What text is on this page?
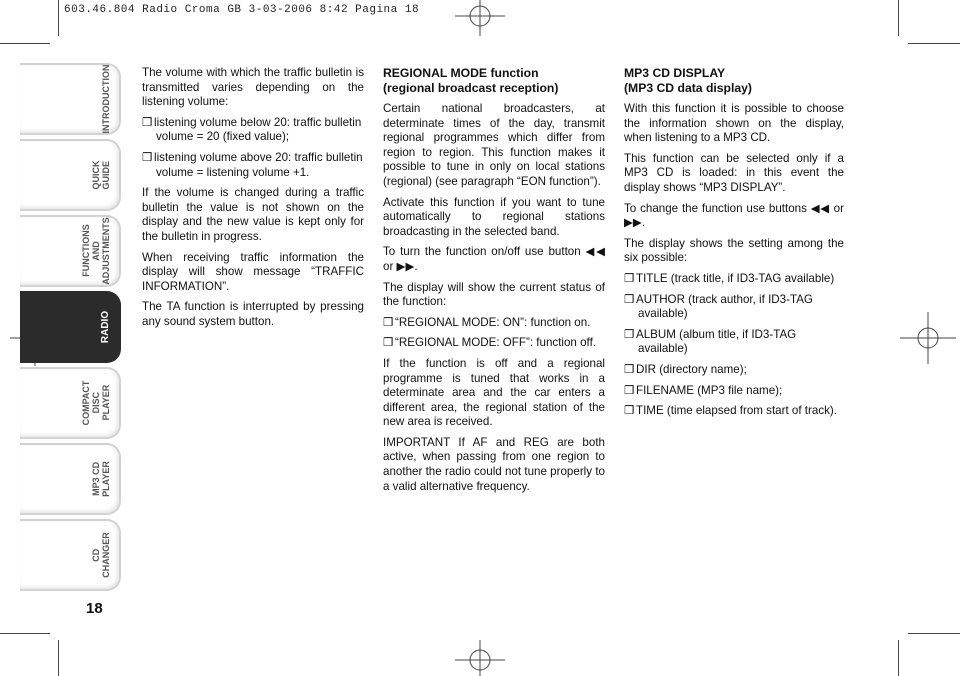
603.46.804 Radio Croma GB 3-03-2006 8:42 Pagina 18
INTRODUCTION
QUICK
GUIDE
FUNCTIONS AND
ADJUSTMENTS
RADIO
COMPACT
DISC PLAYER
MP3 CD
PLAYER
CD
CHANGER
18

The volume with which the traffic bulletin is transmitted varies depending on the listening volume:

❒ listening volume below 20: traffic bulletin volume = 20 (fixed value);

❒ listening volume above 20: traffic bulletin volume = listening volume +1.

If the volume is changed during a traffic bulletin the value is not shown on the display and the new value is kept only for the bulletin in progress.

When receiving traffic information the display will show message “TRAFFIC INFORMATION”.

The TA function is interrupted by pressing any sound system button.

REGIONAL MODE function
(regional broadcast reception)

Certain national broadcasters, at determinate times of the day, transmit regional programmes which differ from region to region. This function makes it possible to tune in only on local stations (regional) (see paragraph “EON function”).

Activate this function if you want to tune automatically to regional stations broadcasting in the selected band.

To turn the function on/off use button ◀◀ or ▶▶.

The display will show the current status of the function:

❒ “REGIONAL MODE: ON”: function on.

❒ “REGIONAL MODE: OFF”: function off.

If the function is off and a regional programme is tuned that works in a determinate area and the car enters a different area, the regional station of the new area is received.

IMPORTANT If AF and REG are both active, when passing from one region to another the radio could not tune properly to a valid alternative frequency.

MP3 CD DISPLAY
(MP3 CD data display)

With this function it is possible to choose the information shown on the display, when listening to a MP3 CD.

This function can be selected only if a MP3 CD is loaded: in this event the display shows “MP3 DISPLAY”.

To change the function use buttons ◀◀ or ▶▶.

The display shows the setting among the six possible:

❒ TITLE (track title, if ID3-TAG available)

❒ AUTHOR (track author, if ID3-TAG available)

❒ ALBUM (album title, if ID3-TAG available)

❒ DIR (directory name);

❒ FILENAME (MP3 file name);

❒ TIME (time elapsed from start of track).
